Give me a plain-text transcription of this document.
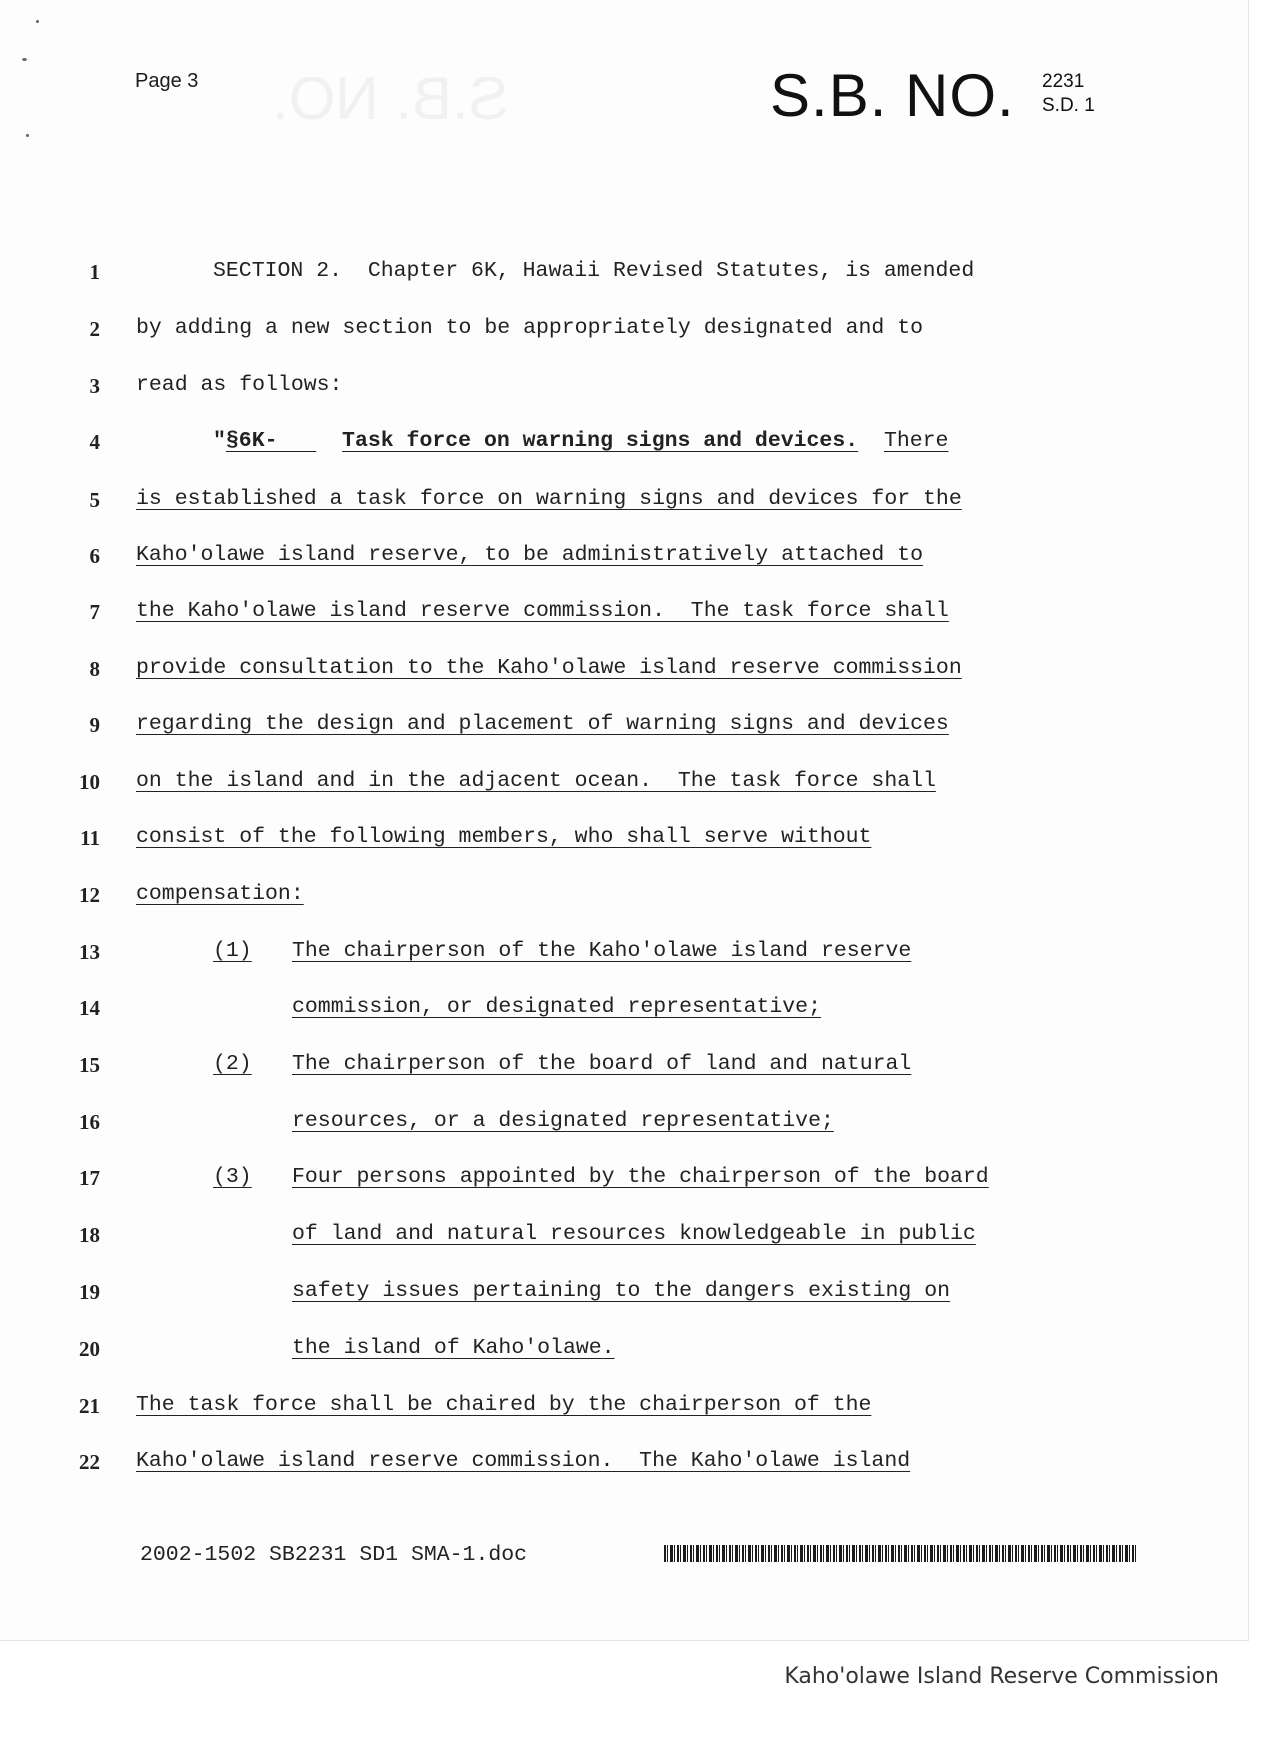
S.B. NO.
Page 3	S.B. NO. 2231
S.D. 1
1
2
3
4
5
6
7
8
9
10
11
12
13
14
15
16
17
18
19
20
21
22
SECTION 2.  Chapter 6K, Hawaii Revised Statutes, is amended
by adding a new section to be appropriately designated and to
read as follows:
"§6K-     Task force on warning signs and devices. There
is established a task force on warning signs and devices for the
Kaho'olawe island reserve, to be administratively attached to
the Kaho'olawe island reserve commission.  The task force shall
provide consultation to the Kaho'olawe island reserve commission
regarding the design and placement of warning signs and devices
on the island and in the adjacent ocean.  The task force shall
consist of the following members, who shall serve without
compensation:
(1) The chairperson of the Kaho'olawe island reserve
commission, or designated representative;
(2) The chairperson of the board of land and natural
resources, or a designated representative;
(3) Four persons appointed by the chairperson of the board
of land and natural resources knowledgeable in public
safety issues pertaining to the dangers existing on
the island of Kaho'olawe.
The task force shall be chaired by the chairperson of the
Kaho'olawe island reserve commission.  The Kaho'olawe island
2002-1502 SB2231 SD1 SMA-1.doc
Kaho'olawe Island Reserve Commission
